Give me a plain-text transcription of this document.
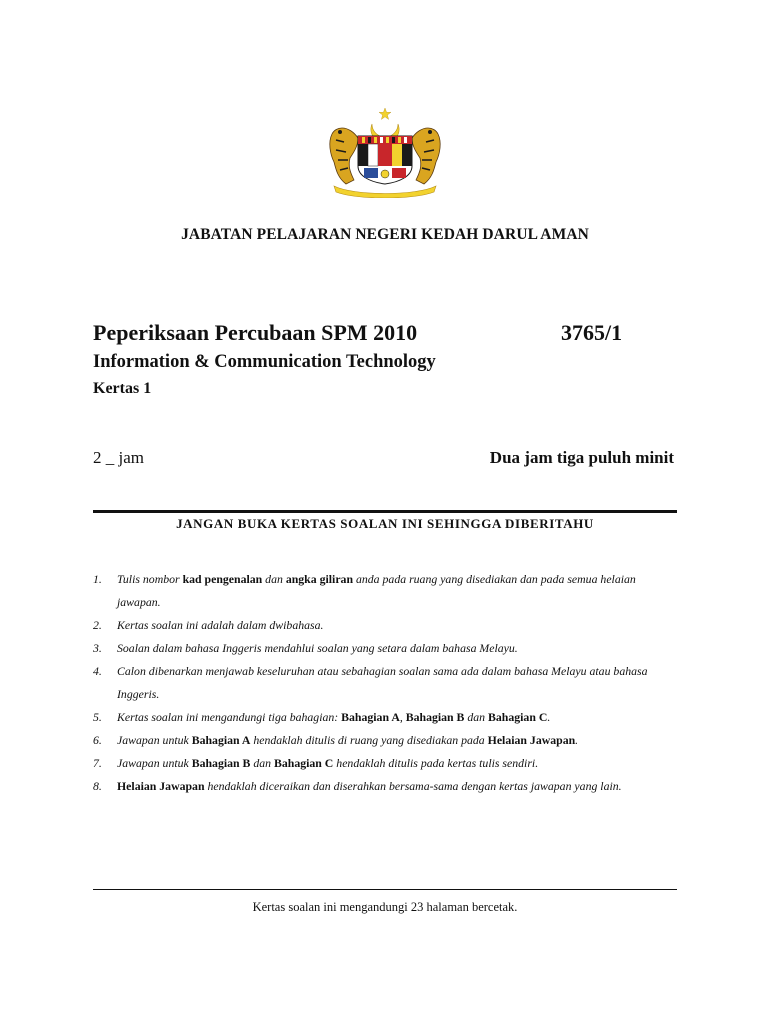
JABATAN PELAJARAN NEGERI KEDAH DARUL AMAN
Peperiksaan Percubaan SPM 2010	3765/1
Information & Communication Technology
Kertas 1
2 _ jam	Dua jam tiga puluh minit
JANGAN BUKA KERTAS SOALAN INI SEHINGGA DIBERITAHU
1. Tulis nombor kad pengenalan dan angka giliran anda pada ruang yang disediakan dan pada semua helaian jawapan.
2. Kertas soalan ini adalah dalam dwibahasa.
3. Soalan dalam bahasa Inggeris mendahlui soalan yang setara dalam bahasa Melayu.
4. Calon dibenarkan menjawab keseluruhan atau sebahagian soalan sama ada dalam bahasa Melayu atau bahasa Inggeris.
5. Kertas soalan ini mengandungi tiga bahagian: Bahagian A, Bahagian B dan Bahagian C.
6. Jawapan untuk Bahagian A hendaklah ditulis di ruang yang disediakan pada Helaian Jawapan.
7. Jawapan untuk Bahagian B dan Bahagian C hendaklah ditulis pada kertas tulis sendiri.
8. Helaian Jawapan hendaklah diceraikan dan diserahkan bersama-sama dengan kertas jawapan yang lain.
Kertas soalan ini mengandungi 23 halaman bercetak.
